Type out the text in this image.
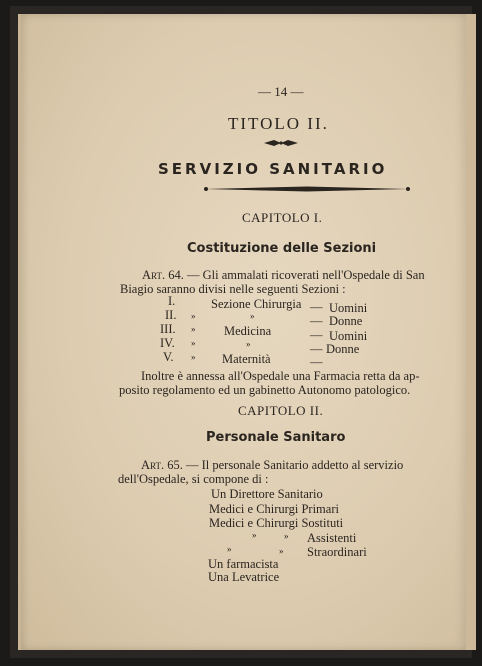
— 14 —
TITOLO II.
SERVIZIO SANITARIO
CAPITOLO I.
Costituzione delle Sezioni
Art. 64. — Gli ammalati ricoverati nell'Ospedale di San
Biagio saranno divisi nelle seguenti Sezioni :
I.	Sezione Chirurgia — Uomini
II. »	»	— Donne
III. » Medicina	— Uomini
IV. »	»	— Donne
V. » Maternità	—
Inoltre è annessa all'Ospedale una Farmacia retta da ap-
posito regolamento ed un gabinetto Autonomo patologico.
CAPITOLO II.
Personale Sanitaro
Art. 65. — Il personale Sanitario addetto al servizio
dell'Ospedale, si compone di :
Un Direttore Sanitario
Medici e Chirurgi Primari
Medici e Chirurgi Sostituti
»	» Assistenti
»	» Straordinari
Un farmacista
Una Levatrice
